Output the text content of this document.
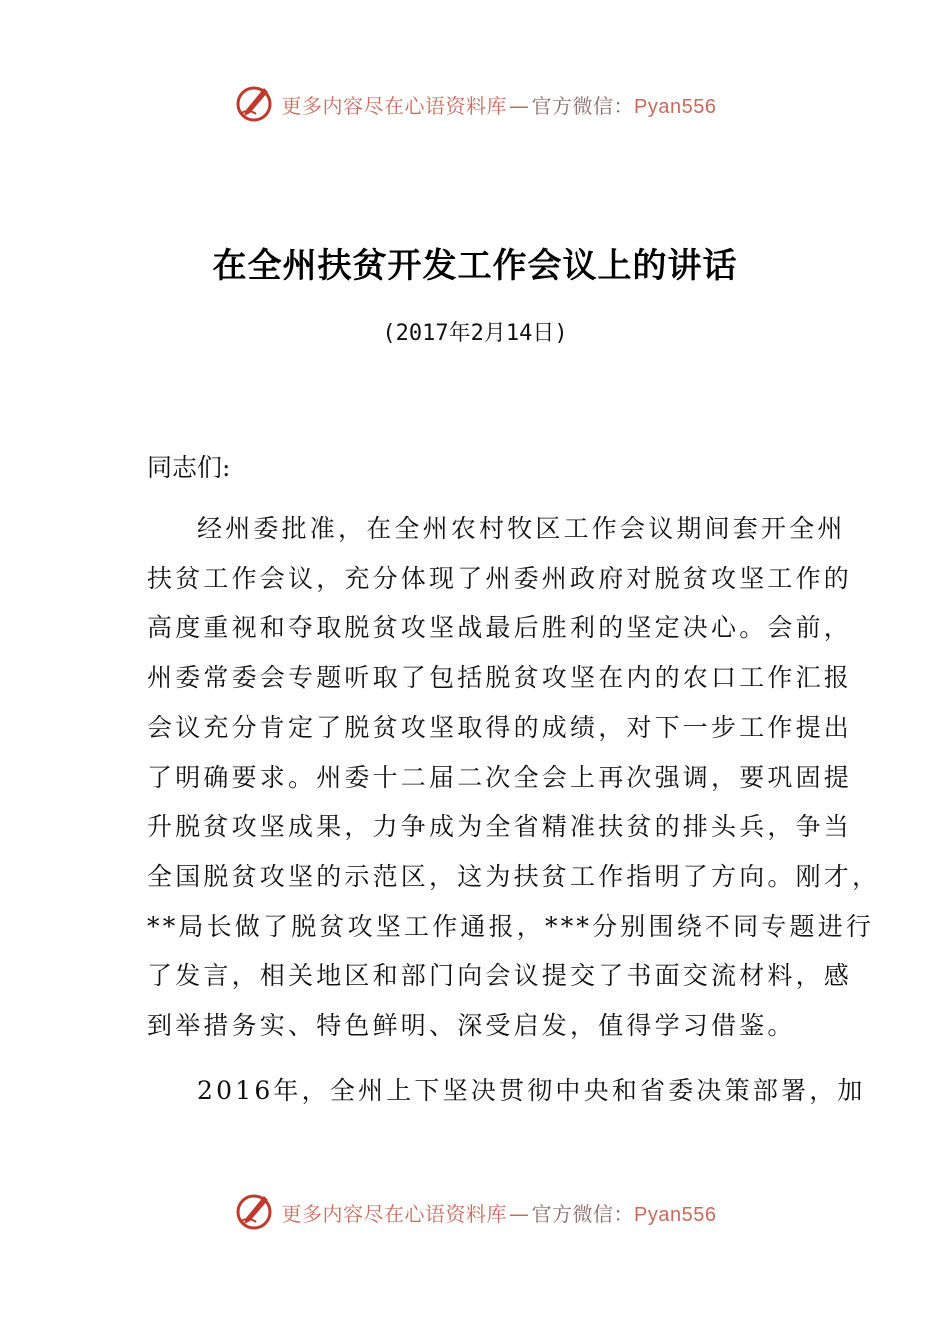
更多内容尽在心语资料库 — 官方微信：Pyan556
在全州扶贫开发工作会议上的讲话
(2017年2月14日)
同志们:
经州委批准，在全州农村牧区工作会议期间套开全州
扶贫工作会议，充分体现了州委州政府对脱贫攻坚工作的
高度重视和夺取脱贫攻坚战最后胜利的坚定决心。会前，
州委常委会专题听取了包括脱贫攻坚在内的农口工作汇报
会议充分肯定了脱贫攻坚取得的成绩，对下一步工作提出
了明确要求。州委十二届二次全会上再次强调，要巩固提
升脱贫攻坚成果，力争成为全省精准扶贫的排头兵，争当
全国脱贫攻坚的示范区，这为扶贫工作指明了方向。刚才，
**局长做了脱贫攻坚工作通报，***分别围绕不同专题进行
了发言，相关地区和部门向会议提交了书面交流材料，感
到举措务实、特色鲜明、深受启发，值得学习借鉴。
2016年，全州上下坚决贯彻中央和省委决策部署，加
更多内容尽在心语资料库 — 官方微信：Pyan556
